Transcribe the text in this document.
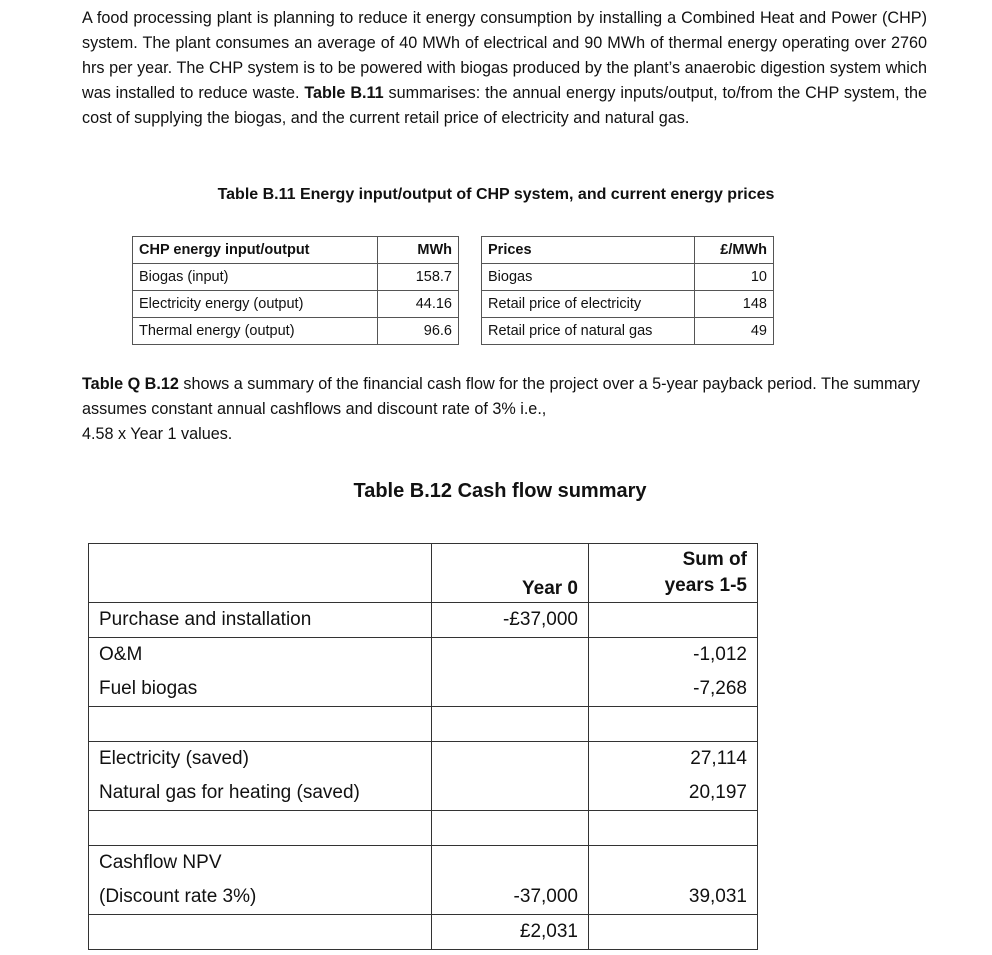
A food processing plant is planning to reduce it energy consumption by installing a Combined Heat and Power (CHP) system. The plant consumes an average of 40 MWh of electrical and 90 MWh of thermal energy operating over 2760 hrs per year. The CHP system is to be powered with biogas produced by the plant’s anaerobic digestion system which was installed to reduce waste. Table B.11 summarises: the annual energy inputs/output, to/from the CHP system, the cost of supplying the biogas, and the current retail price of electricity and natural gas.

Table B.11 Energy input/output of CHP system, and current energy prices

CHP energy input/output	MWh		Prices	£/MWh
Biogas (input)	158.7		Biogas	10
Electricity energy (output)	44.16		Retail price of electricity	148
Thermal energy (output)	96.6		Retail price of natural gas	49

Table Q B.12 shows a summary of the financial cash flow for the project over a 5-year payback period. The summary assumes constant annual cashflows and discount rate of 3% i.e.,
4.58 x Year 1 values.

Table B.12 Cash flow summary

	Year 0	Sum of
years 1-5
Purchase and installation	-£37,000	
O&M		-1,012
Fuel biogas		-7,268

Electricity (saved)		27,114
Natural gas for heating (saved)		20,197

Cashflow NPV		
(Discount rate 3%)	-37,000	39,031
	£2,031	
